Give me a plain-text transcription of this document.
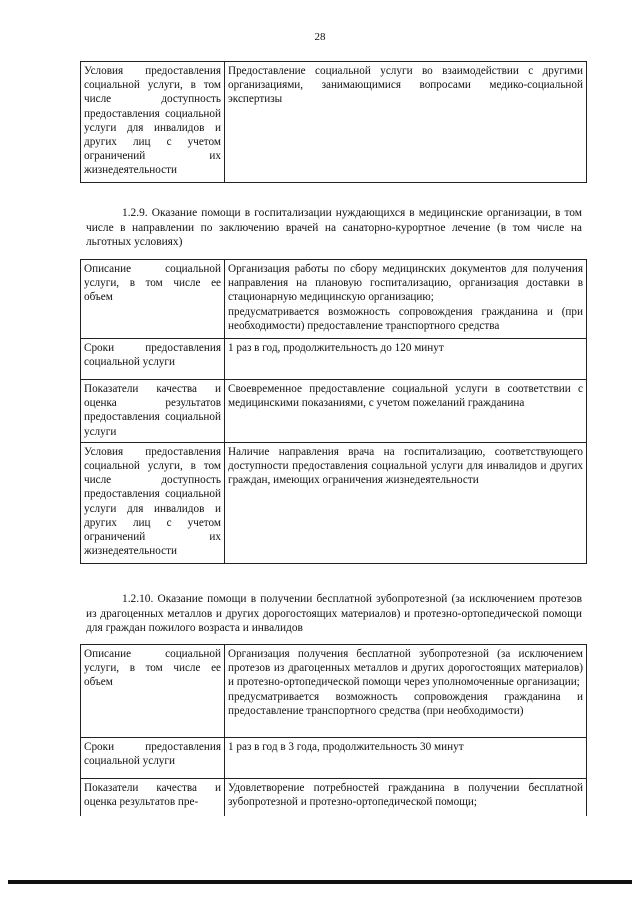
28
Условия предоставления социальной услуги, в том числе доступность предоставления социальной услуги для инвалидов и других лиц с учетом ограничений их жизнедеятельности	Предоставление социальной услуги во взаимодействии с другими организациями, занимающимися вопросами медико-социальной экспертизы
1.2.9. Оказание помощи в госпитализации нуждающихся в медицинские организации, в том числе в направлении по заключению врачей на санаторно-курортное лечение (в том числе на льготных условиях)
Описание социальной услуги, в том числе ее объем	Организация работы по сбору медицинских документов для получения направления на плановую госпитализацию, организация доставки в стационарную медицинскую организацию;
предусматривается возможность сопровождения гражданина и (при необходимости) предоставление транспортного средства
Сроки предоставления социальной услуги	1 раз в год, продолжительность до 120 минут
Показатели качества и оценка результатов предоставления социальной услуги	Своевременное предоставление социальной услуги в соответствии с медицинскими показаниями, с учетом пожеланий гражданина
Условия предоставления социальной услуги, в том числе доступность предоставления социальной услуги для инвалидов и других лиц с учетом ограничений их жизнедеятельности	Наличие направления врача на госпитализацию, соответствующего доступности предоставления социальной услуги для инвалидов и других граждан, имеющих ограничения жизнедеятельности
1.2.10. Оказание помощи в получении бесплатной зубопротезной (за исключением протезов из драгоценных металлов и других дорогостоящих материалов) и протезно-ортопедической помощи для граждан пожилого возраста и инвалидов
Описание социальной услуги, в том числе ее объем	Организация получения бесплатной зубопротезной (за исключением протезов из драгоценных металлов и других дорогостоящих материалов) и протезно-ортопедической помощи через уполномоченные организации;
предусматривается возможность сопровождения гражданина и предоставление транспортного средства (при необходимости)
Сроки предоставления социальной услуги	1 раз в год в 3 года, продолжительность 30 минут
Показатели качества и оценка результатов пре-	Удовлетворение потребностей гражданина в получении бесплатной зубопротезной и протезно-ортопедической помощи;
